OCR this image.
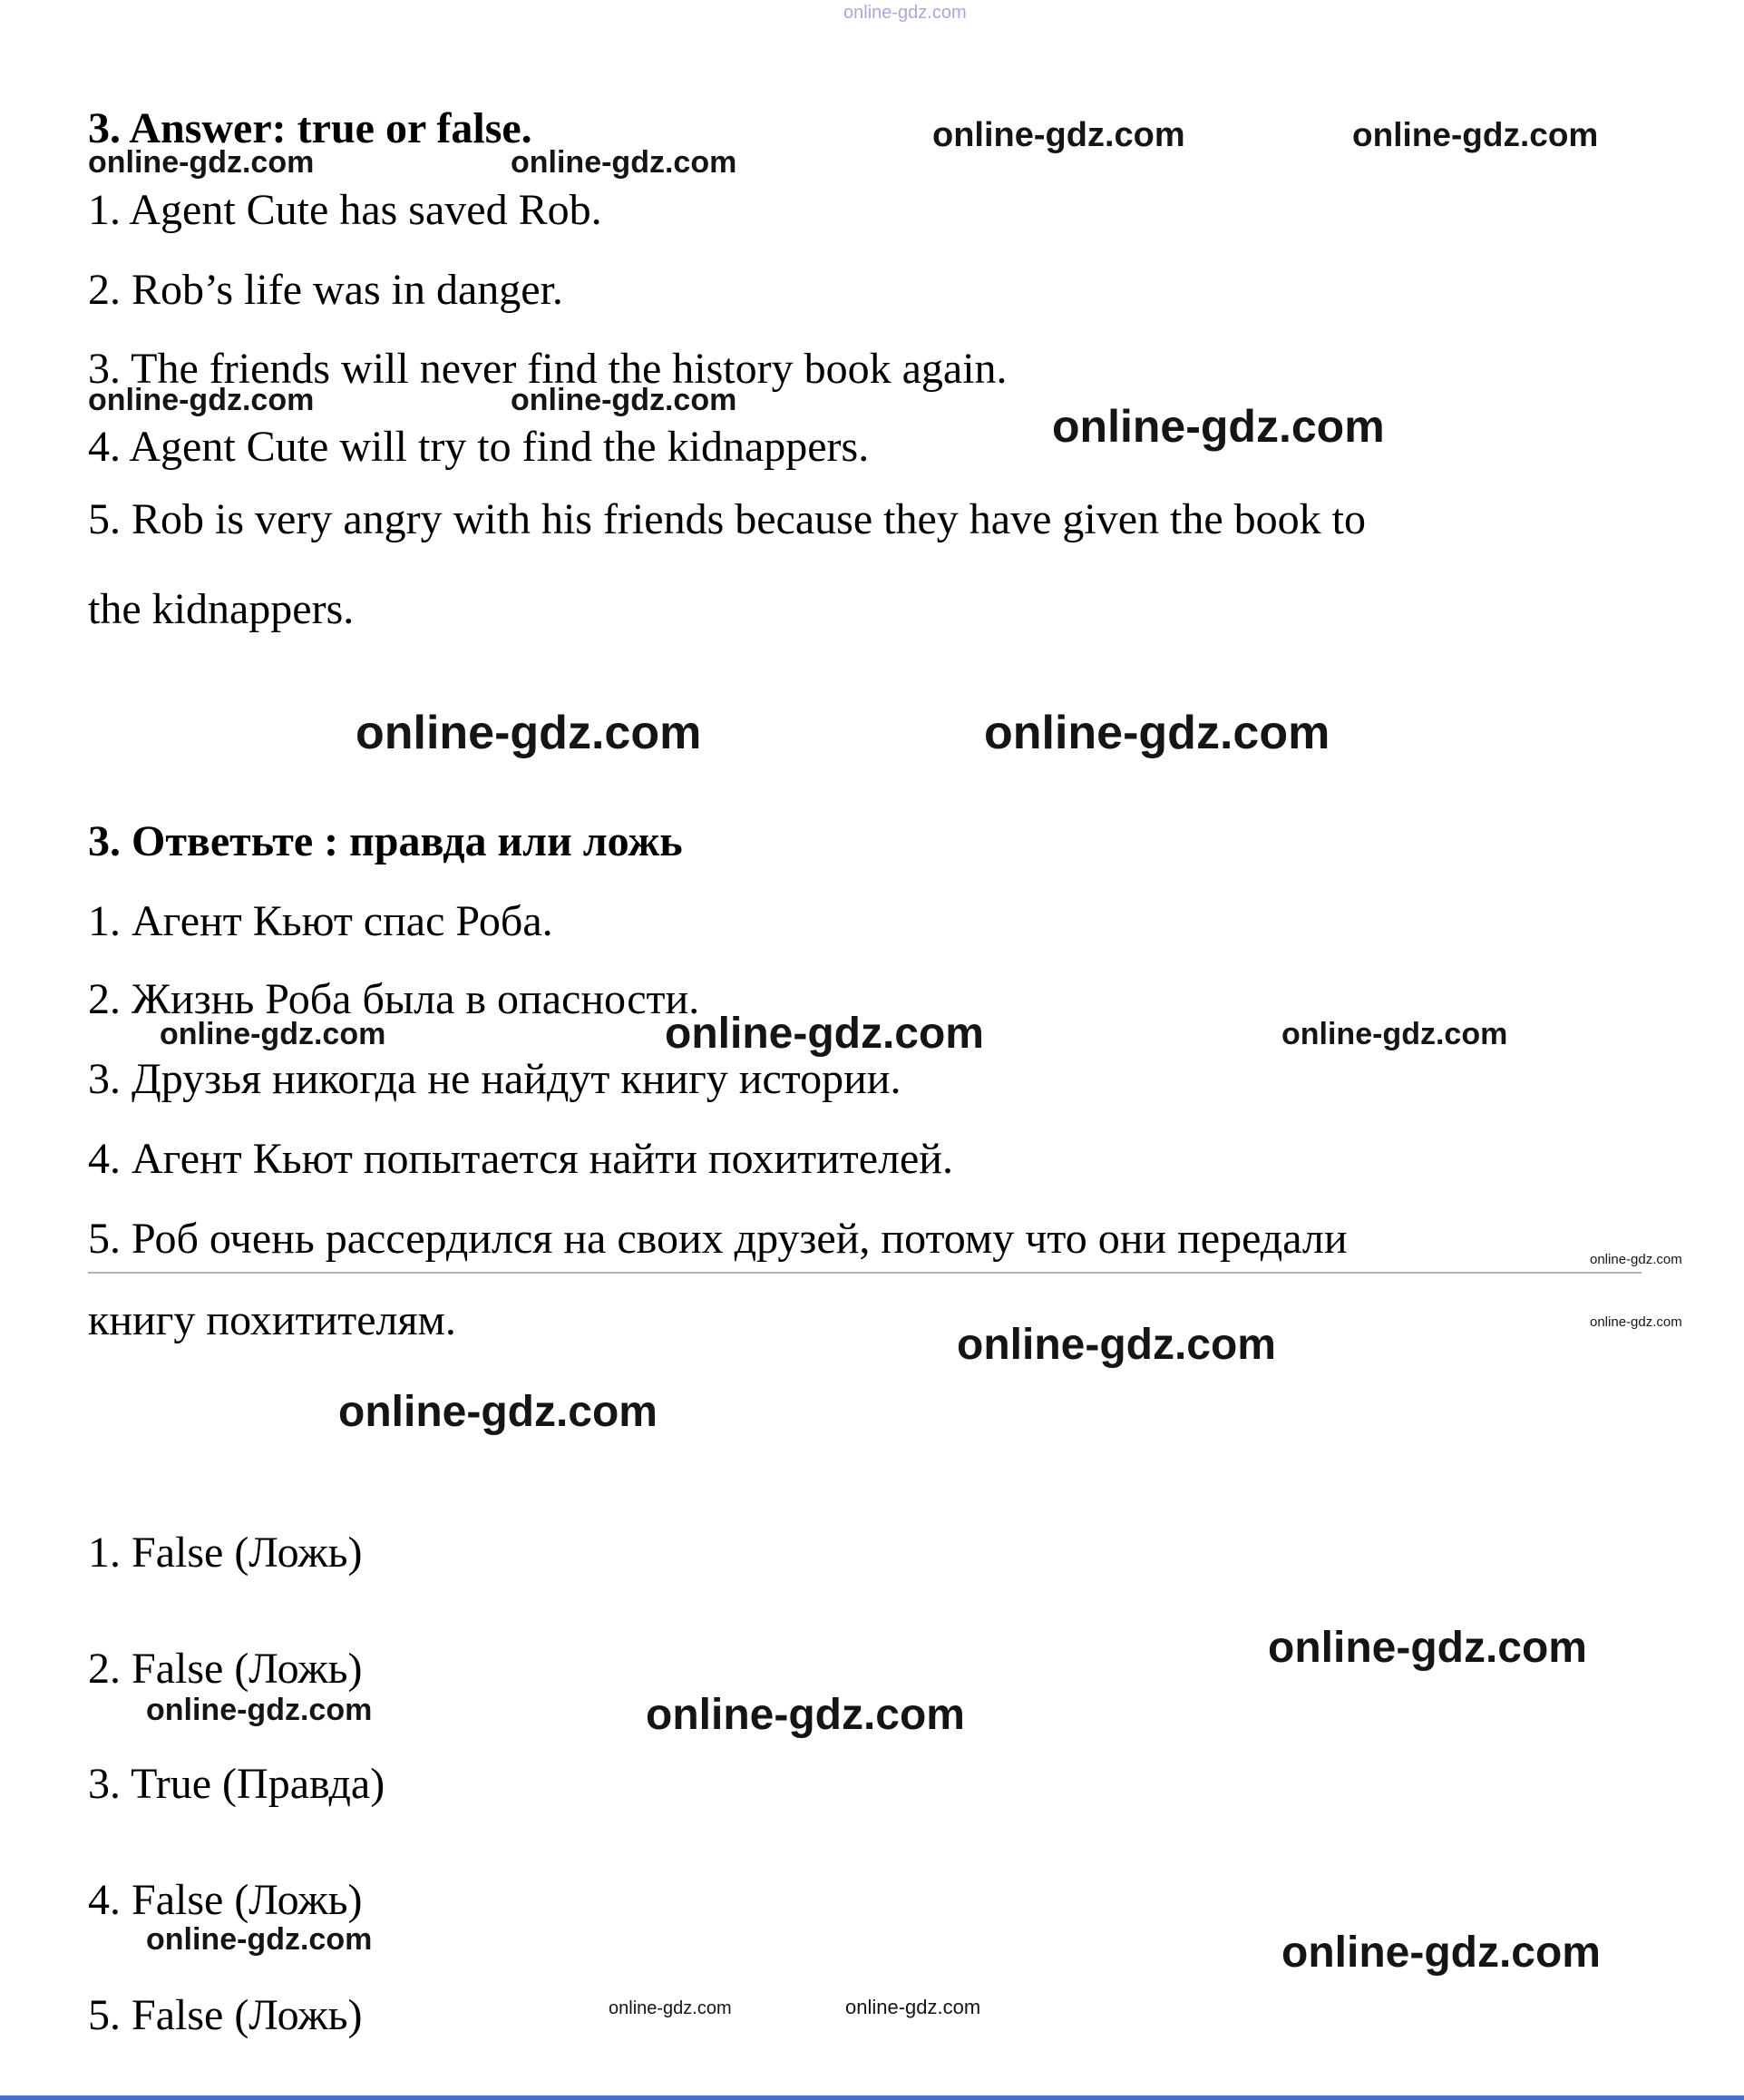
online-gdz.com
online-gdz.com	online-gdz.com
online-gdz.com	online-gdz.com
online-gdz.com	online-gdz.com
online-gdz.com
online-gdz.com	online-gdz.com
online-gdz.com	online-gdz.com	online-gdz.com
online-gdz.com
online-gdz.com
online-gdz.com
online-gdz.com
online-gdz.com
online-gdz.com	online-gdz.com
online-gdz.com	online-gdz.com
online-gdz.com	online-gdz.com
3. Answer: true or false.
1. Agent Cute has saved Rob.
2. Rob’s life was in danger.
3. The friends will never find the history book again.
4. Agent Cute will try to find the kidnappers.
5. Rob is very angry with his friends because they have given the book to
the kidnappers.
3. Ответьте : правда или ложь
1. Агент Кьют спас Роба.
2. Жизнь Роба была в опасности.
3. Друзья никогда не найдут книгу истории.
4. Агент Кьют попытается найти похитителей.
5. Роб очень рассердился на своих друзей, потому что они передали
книгу похитителям.
1. False (Ложь)
2. False (Ложь)
3. True (Правда)
4. False (Ложь)
5. False (Ложь)
